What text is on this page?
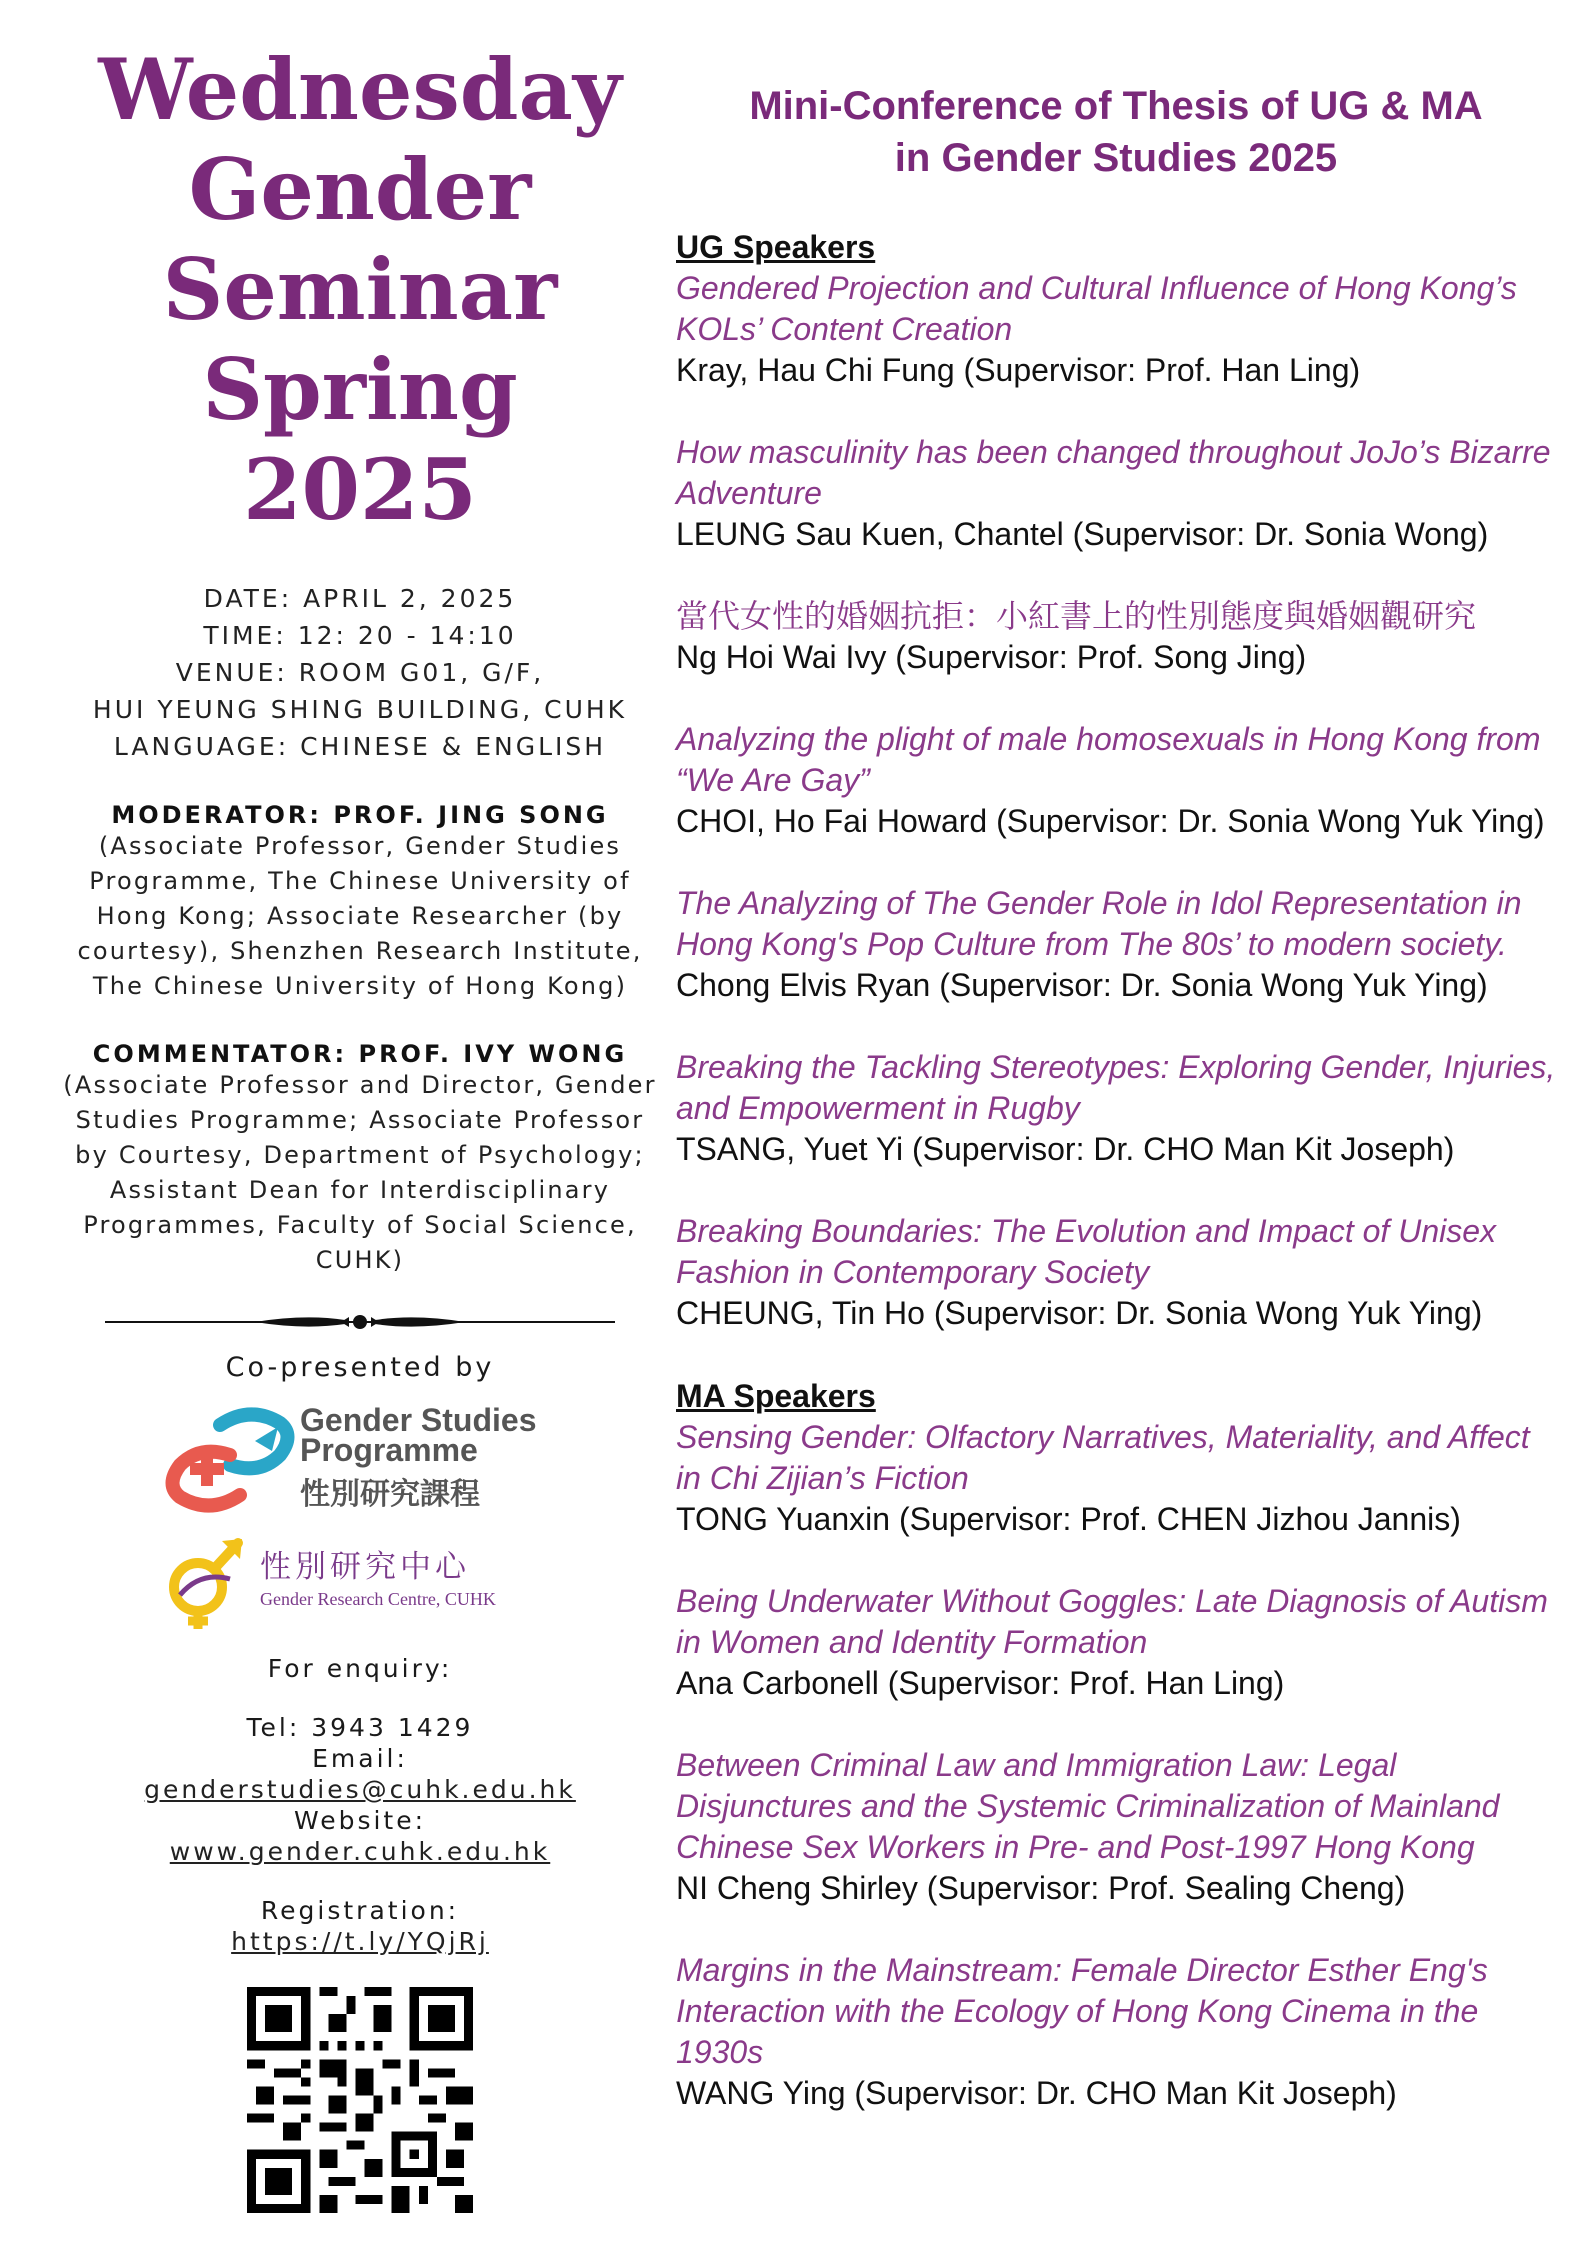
Wednesday
Gender
Seminar
Spring
2025
DATE: APRIL 2, 2025
TIME: 12: 20 - 14:10
VENUE: ROOM G01, G/F,
HUI YEUNG SHING BUILDING, CUHK
LANGUAGE: CHINESE & ENGLISH
MODERATOR: PROF. JING SONG
(Associate Professor, Gender Studies Programme, The Chinese University of Hong Kong; Associate Researcher (by courtesy), Shenzhen Research Institute, The Chinese University of Hong Kong)
COMMENTATOR: PROF. IVY WONG
(Associate Professor and Director, Gender Studies Programme; Associate Professor by Courtesy, Department of Psychology; Assistant Dean for Interdisciplinary Programmes, Faculty of Social Science, CUHK)
Co-presented by
Gender Studies
Programme
性別研究課程
性別研究中心
Gender Research Centre, CUHK
For enquiry:
Tel: 3943 1429
Email:
genderstudies@cuhk.edu.hk
Website:
www.gender.cuhk.edu.hk
Registration:
https://t.ly/YQjRj
Mini-Conference of Thesis of UG & MA
in Gender Studies 2025
UG Speakers
Gendered Projection and Cultural Influence of Hong Kong’s KOLs’ Content Creation
Kray, Hau Chi Fung (Supervisor: Prof. Han Ling)
How masculinity has been changed throughout JoJo’s Bizarre Adventure
LEUNG Sau Kuen, Chantel (Supervisor: Dr. Sonia Wong)
當代女性的婚姻抗拒：小紅書上的性別態度與婚姻觀研究
Ng Hoi Wai Ivy (Supervisor: Prof. Song Jing)
Analyzing the plight of male homosexuals in Hong Kong from “We Are Gay”
CHOI, Ho Fai Howard (Supervisor: Dr. Sonia Wong Yuk Ying)
The Analyzing of The Gender Role in Idol Representation in Hong Kong's Pop Culture from The 80s’ to modern society.
Chong Elvis Ryan (Supervisor: Dr. Sonia Wong Yuk Ying)
Breaking the Tackling Stereotypes: Exploring Gender, Injuries, and Empowerment in Rugby
TSANG, Yuet Yi (Supervisor: Dr. CHO Man Kit Joseph)
Breaking Boundaries: The Evolution and Impact of Unisex Fashion in Contemporary Society
CHEUNG, Tin Ho (Supervisor: Dr. Sonia Wong Yuk Ying)
MA Speakers
Sensing Gender: Olfactory Narratives, Materiality, and Affect in Chi Zijian’s Fiction
TONG Yuanxin (Supervisor: Prof. CHEN Jizhou Jannis)
Being Underwater Without Goggles: Late Diagnosis of Autism in Women and Identity Formation
Ana Carbonell (Supervisor: Prof. Han Ling)
Between Criminal Law and Immigration Law: Legal Disjunctures and the Systemic Criminalization of Mainland Chinese Sex Workers in Pre- and Post-1997 Hong Kong
NI Cheng Shirley (Supervisor: Prof. Sealing Cheng)
Margins in the Mainstream: Female Director Esther Eng's Interaction with the Ecology of Hong Kong Cinema in the 1930s
WANG Ying (Supervisor: Dr. CHO Man Kit Joseph)
